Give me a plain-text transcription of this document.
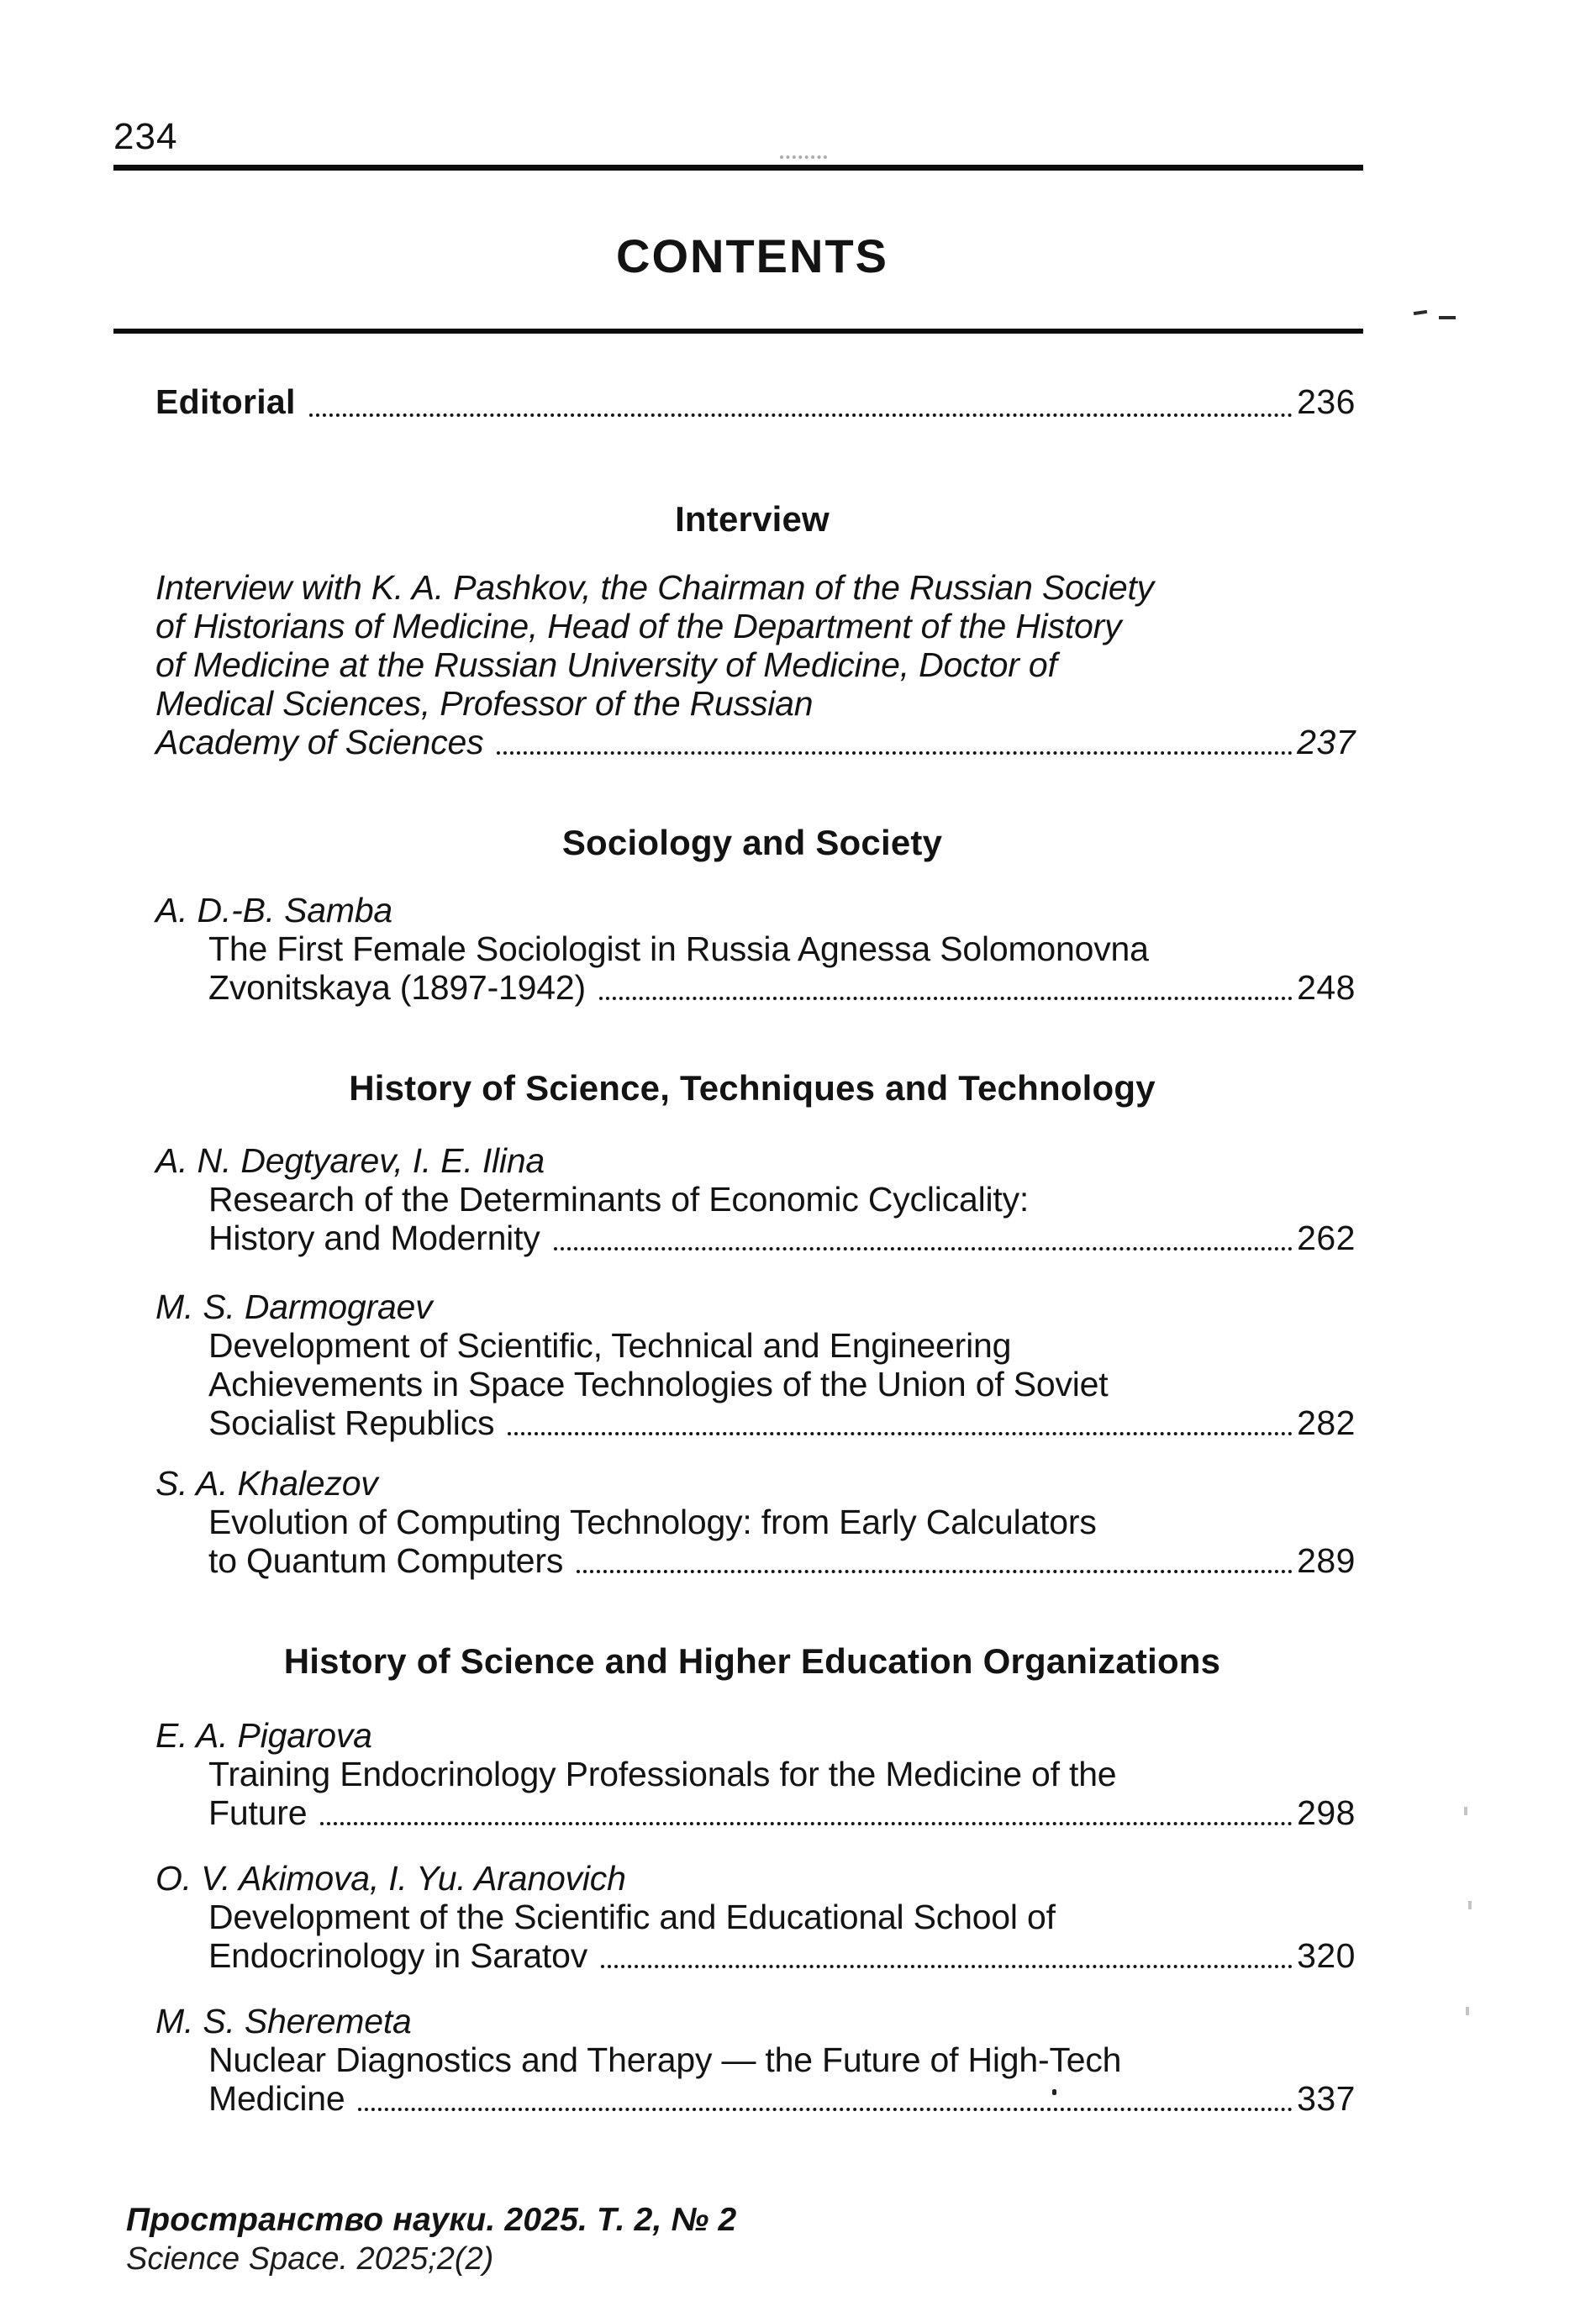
234
CONTENTS
Editorial	236
Interview
Interview with K. A. Pashkov, the Chairman of the Russian Society
of Historians of Medicine, Head of the Department of the History
of Medicine at the Russian University of Medicine, Doctor of
Medical Sciences, Professor of the Russian
Academy of Sciences	237
Sociology and Society
A. D.-B. Samba
The First Female Sociologist in Russia Agnessa Solomonovna
Zvonitskaya (1897-1942)	248
History of Science, Techniques and Technology
A. N. Degtyarev, I. E. Ilina
Research of the Determinants of Economic Cyclicality:
History and Modernity	262
M. S. Darmograev
Development of Scientific, Technical and Engineering
Achievements in Space Technologies of the Union of Soviet
Socialist Republics	282
S. A. Khalezov
Evolution of Computing Technology: from Early Calculators
to Quantum Computers	289
History of Science and Higher Education Organizations
E. A. Pigarova
Training Endocrinology Professionals for the Medicine of the
Future	298
O. V. Akimova, I. Yu. Aranovich
Development of the Scientific and Educational School of
Endocrinology in Saratov	320
M. S. Sheremeta
Nuclear Diagnostics and Therapy — the Future of High-Tech
Medicine	337
Пространство науки. 2025. Т. 2, № 2
Science Space. 2025;2(2)
